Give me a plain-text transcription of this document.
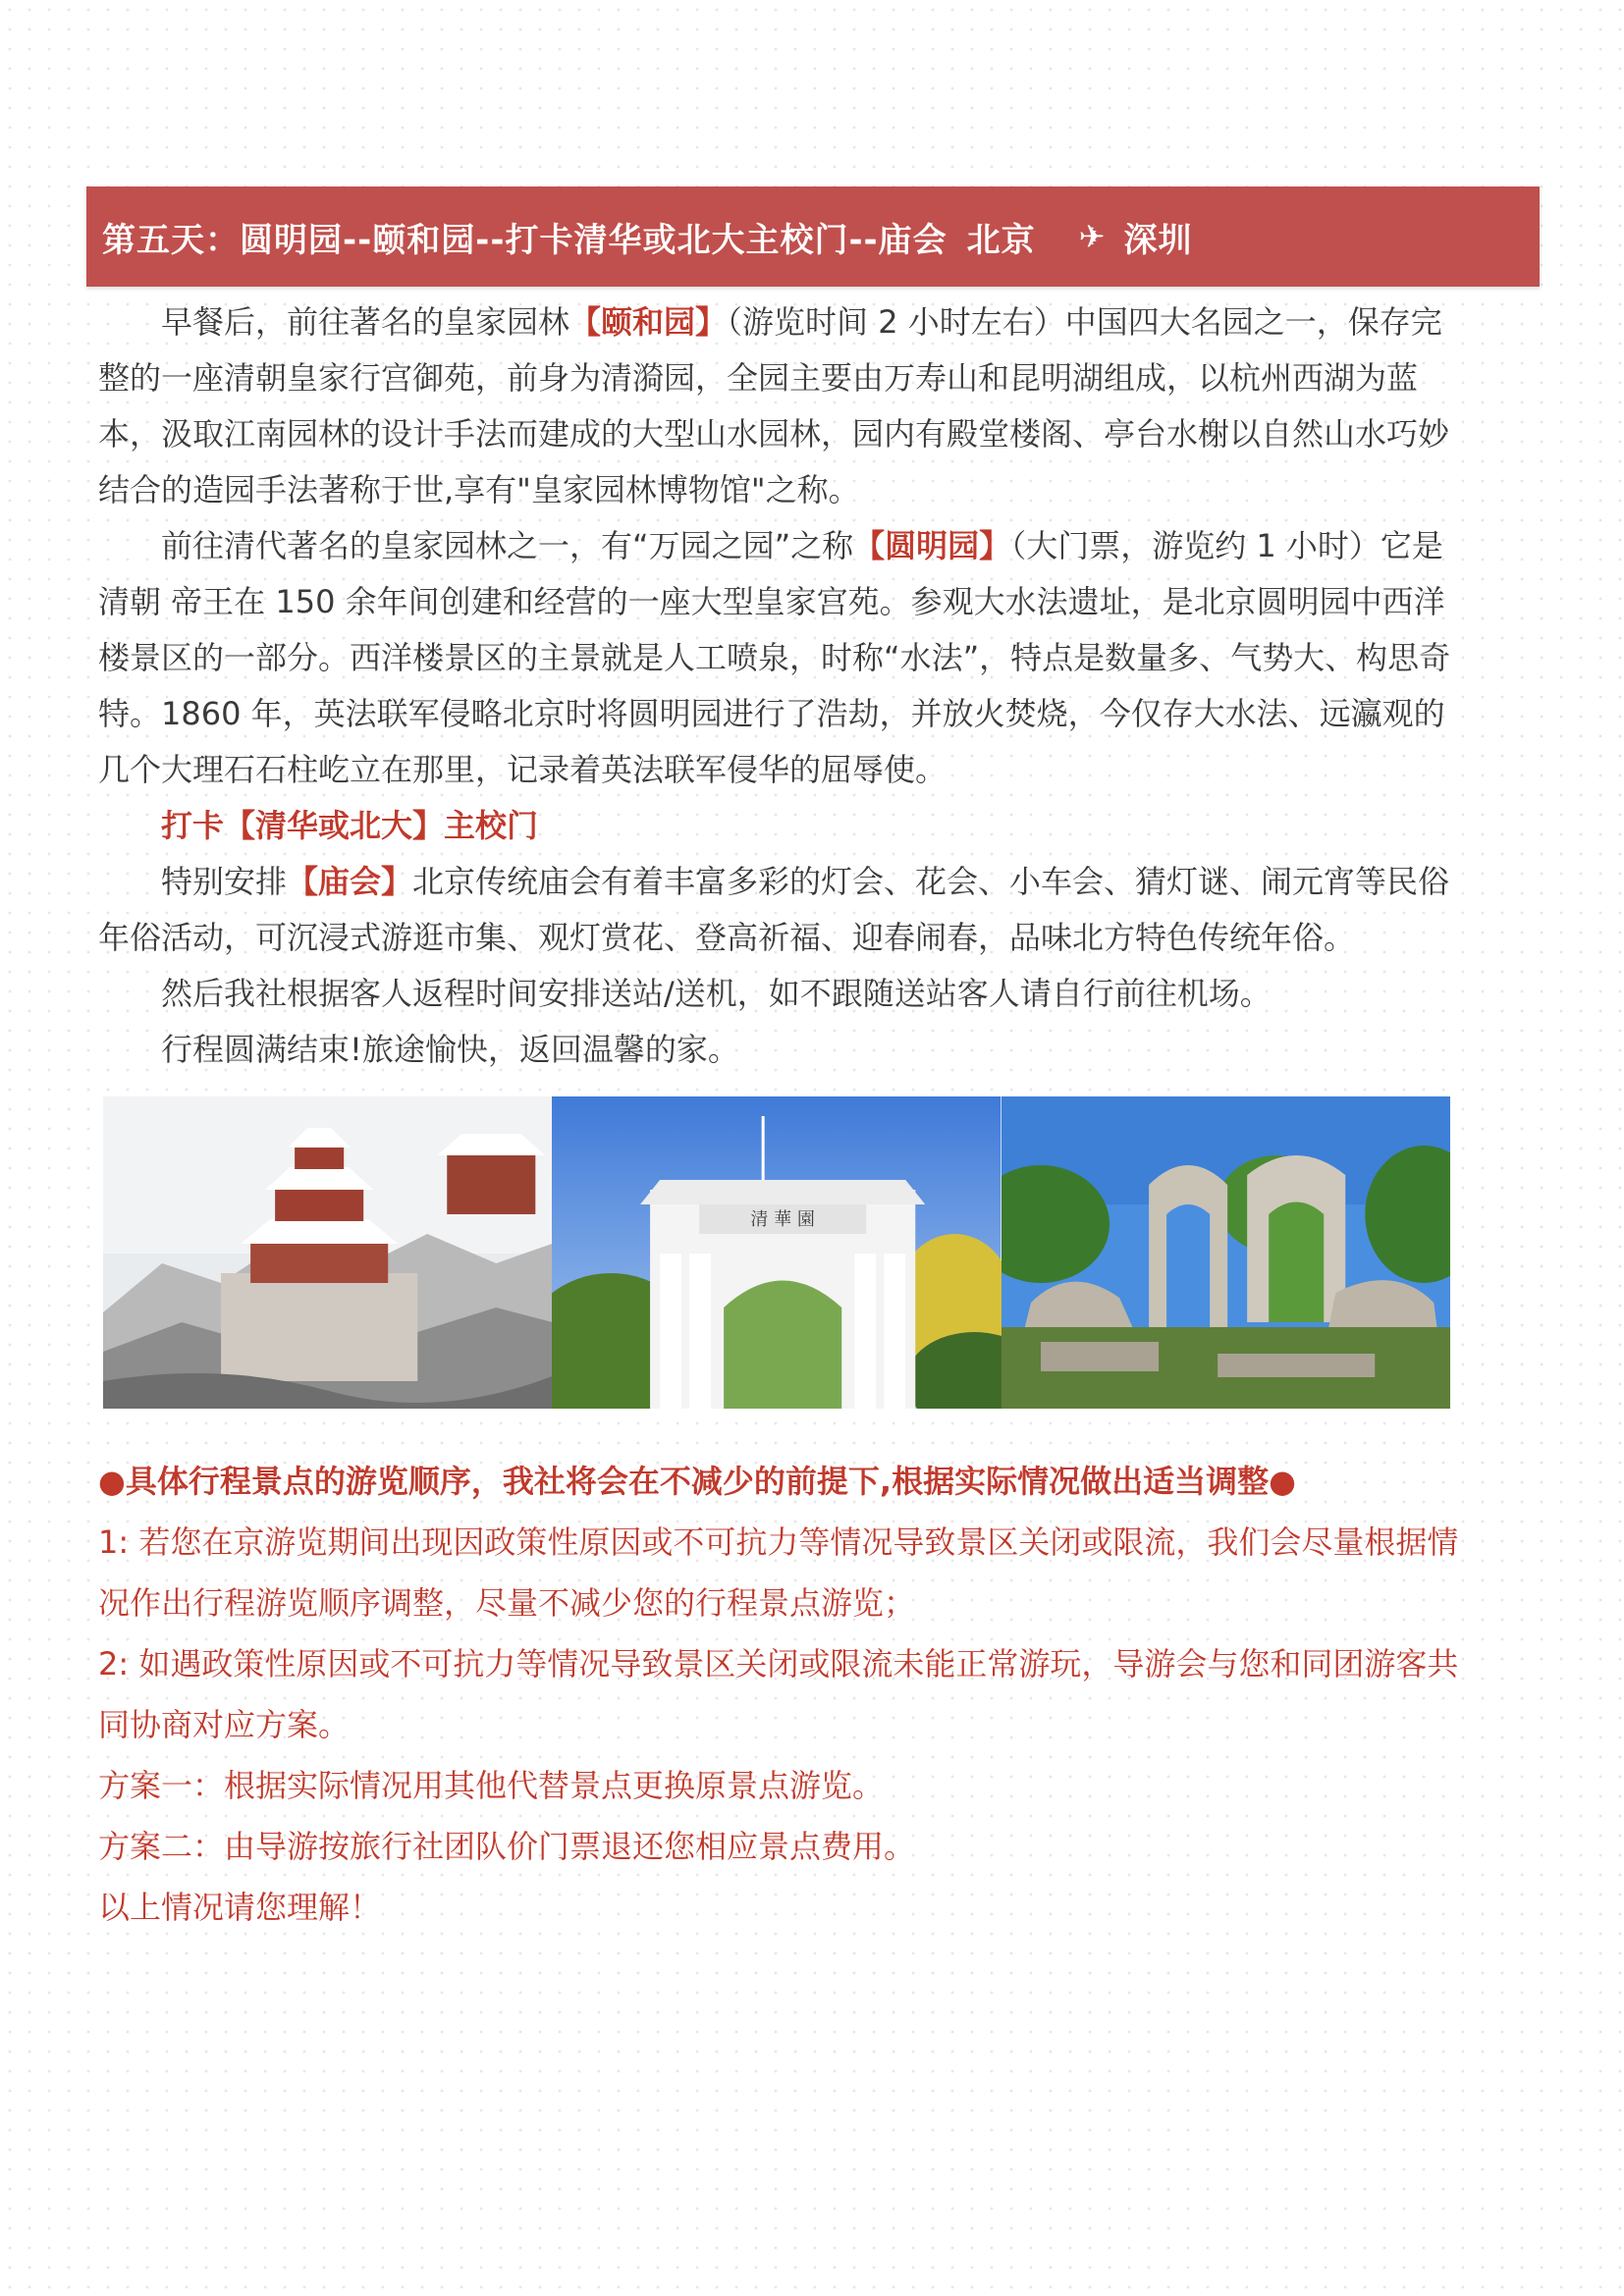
第五天：圆明园--颐和园--打卡清华或北大主校门--庙会 北京 ✈ 深圳

早餐后，前往著名的皇家园林【颐和园】（游览时间 2 小时左右）中国四大名园之一，保存完整的一座清朝皇家行宫御苑，前身为清漪园，全园主要由万寿山和昆明湖组成，以杭州西湖为蓝本，汲取江南园林的设计手法而建成的大型山水园林，园内有殿堂楼阁、亭台水榭以自然山水巧妙结合的造园手法著称于世,享有"皇家园林博物馆"之称。

前往清代著名的皇家园林之一，有“万园之园”之称【圆明园】（大门票，游览约 1 小时）它是清朝 帝王在 150 余年间创建和经营的一座大型皇家宫苑。参观大水法遗址，是北京圆明园中西洋楼景区的一部分。西洋楼景区的主景就是人工喷泉，时称“水法”，特点是数量多、气势大、构思奇特。1860 年，英法联军侵略北京时将圆明园进行了浩劫，并放火焚烧，今仅存大水法、远瀛观的几个大理石石柱屹立在那里，记录着英法联军侵华的屈辱使。

打卡【清华或北大】主校门

特别安排【庙会】北京传统庙会有着丰富多彩的灯会、花会、小车会、猜灯谜、闹元宵等民俗年俗活动，可沉浸式游逛市集、观灯赏花、登高祈福、迎春闹春，品味北方特色传统年俗。

然后我社根据客人返程时间安排送站/送机，如不跟随送站客人请自行前往机场。

行程圆满结束!旅途愉快，返回温馨的家。

清 華 園

●具体行程景点的游览顺序，我社将会在不减少的前提下,根据实际情况做出适当调整●

1: 若您在京游览期间出现因政策性原因或不可抗力等情况导致景区关闭或限流，我们会尽量根据情况作出行程游览顺序调整，尽量不减少您的行程景点游览；

2: 如遇政策性原因或不可抗力等情况导致景区关闭或限流未能正常游玩，导游会与您和同团游客共同协商对应方案。

方案一：根据实际情况用其他代替景点更换原景点游览。

方案二：由导游按旅行社团队价门票退还您相应景点费用。

以上情况请您理解！
